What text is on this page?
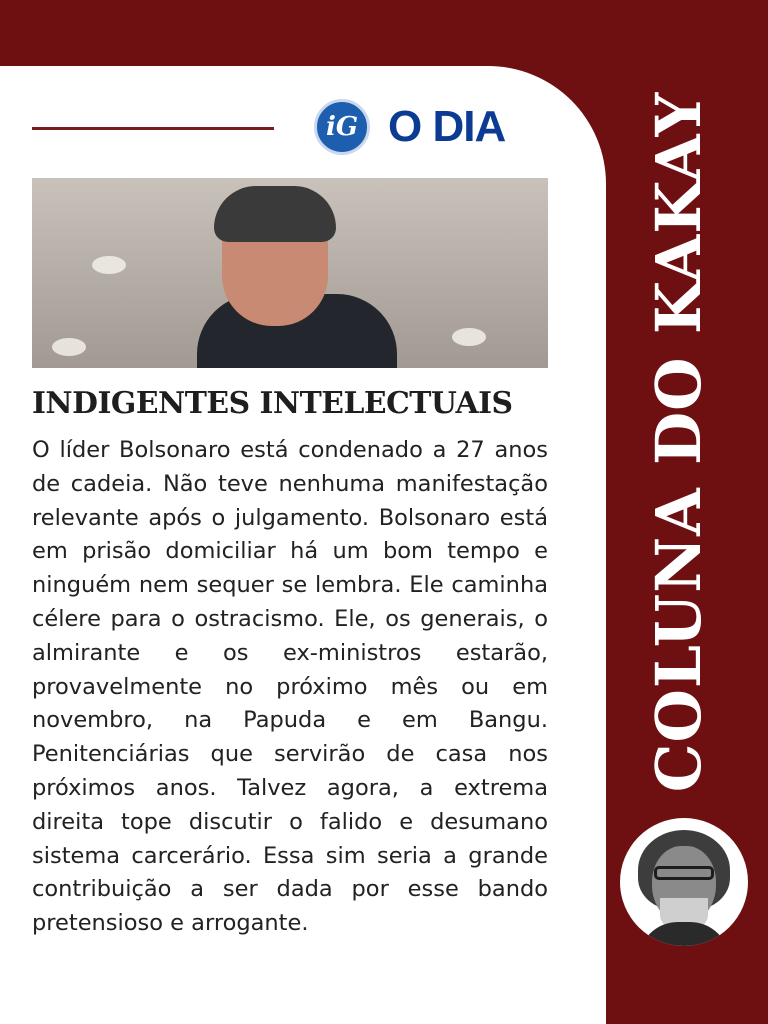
iG O DIA
INDIGENTES INTELECTUAIS
O líder Bolsonaro está condenado a 27 anos de cadeia. Não teve nenhuma manifestação relevante após o julgamento. Bolsonaro está em prisão domiciliar há um bom tempo e ninguém nem sequer se lembra. Ele caminha célere para o ostracismo. Ele, os generais, o almirante e os ex-ministros estarão, provavelmente no próximo mês ou em novembro, na Papuda e em Bangu. Penitenciárias que servirão de casa nos próximos anos. Talvez agora, a extrema direita tope discutir o falido e desumano sistema carcerário. Essa sim seria a grande contribuição a ser dada por esse bando pretensioso e arrogante.
COLUNA DO KAKAY
